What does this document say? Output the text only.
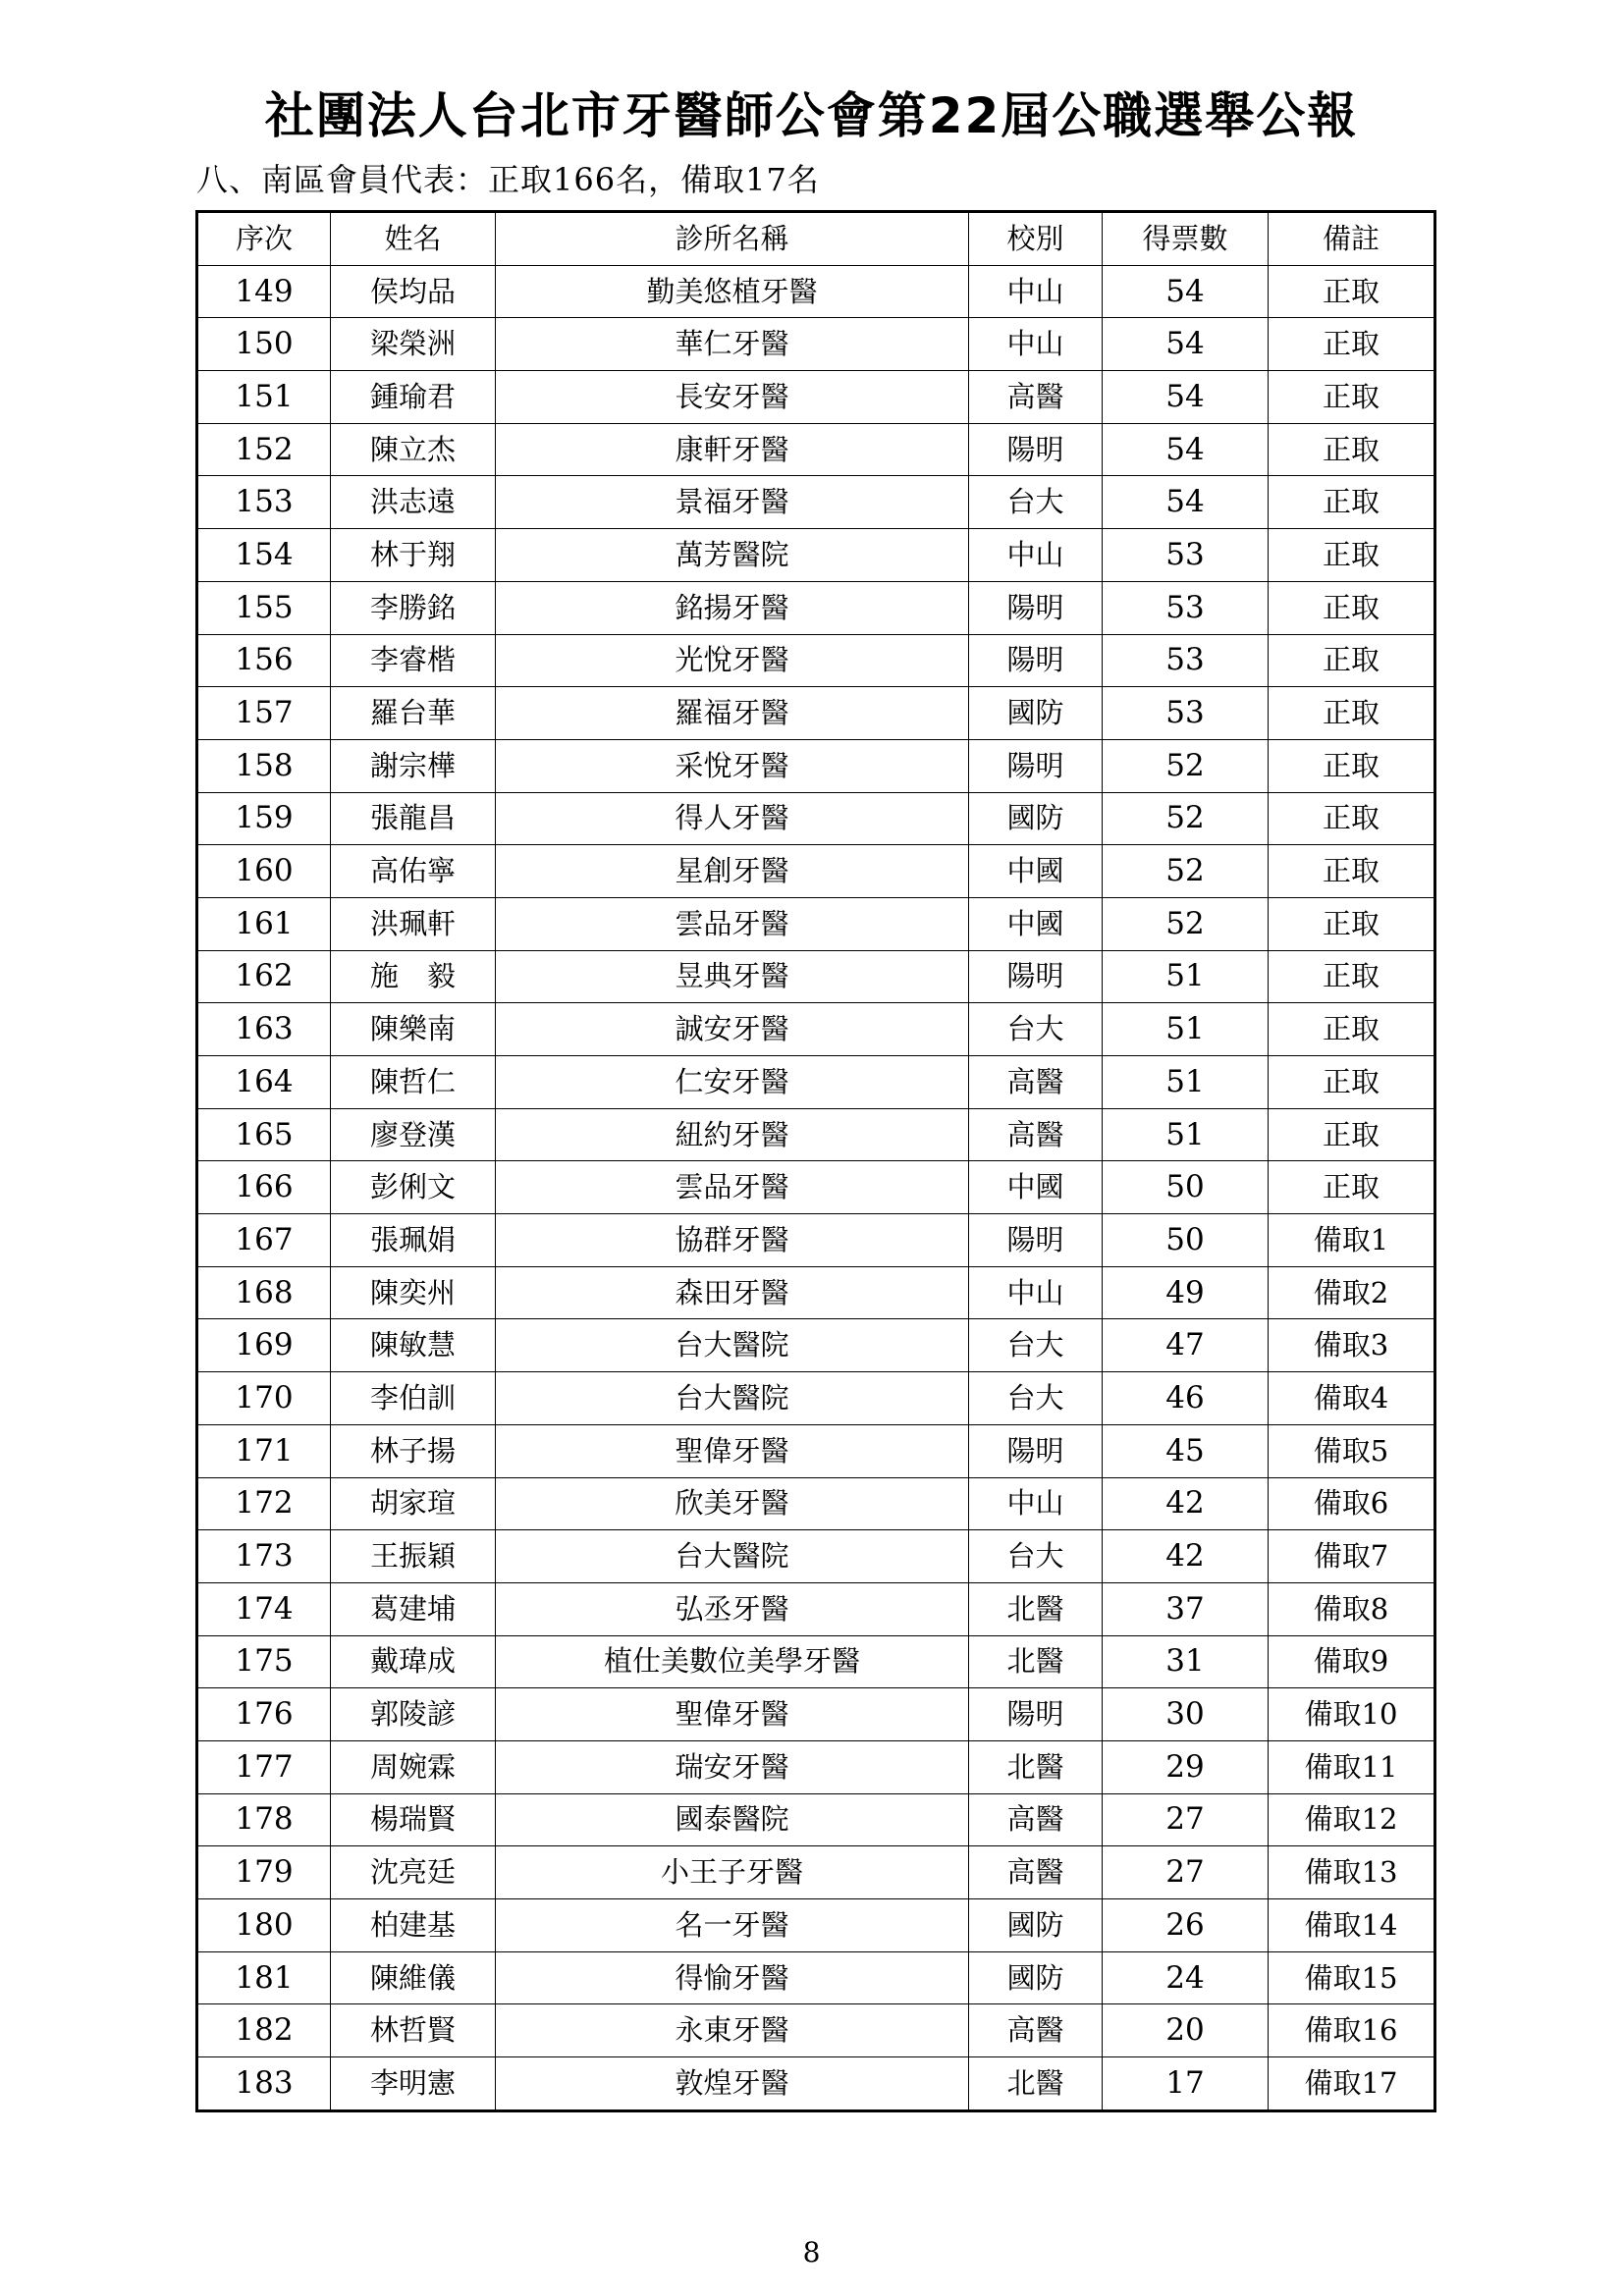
社團法人台北市牙醫師公會第22屆公職選舉公報
八、南區會員代表：正取166名，備取17名
序次	姓名	診所名稱	校別	得票數	備註
149	侯均品	勤美悠植牙醫	中山	54	正取
150	梁榮洲	華仁牙醫	中山	54	正取
151	鍾瑜君	長安牙醫	高醫	54	正取
152	陳立杰	康軒牙醫	陽明	54	正取
153	洪志遠	景福牙醫	台大	54	正取
154	林于翔	萬芳醫院	中山	53	正取
155	李勝銘	銘揚牙醫	陽明	53	正取
156	李睿楷	光悅牙醫	陽明	53	正取
157	羅台華	羅福牙醫	國防	53	正取
158	謝宗樺	采悅牙醫	陽明	52	正取
159	張龍昌	得人牙醫	國防	52	正取
160	高佑寧	星創牙醫	中國	52	正取
161	洪珮軒	雲品牙醫	中國	52	正取
162	施　毅	昱典牙醫	陽明	51	正取
163	陳樂南	誠安牙醫	台大	51	正取
164	陳哲仁	仁安牙醫	高醫	51	正取
165	廖登漢	紐約牙醫	高醫	51	正取
166	彭俐文	雲品牙醫	中國	50	正取
167	張珮娟	協群牙醫	陽明	50	備取1
168	陳奕州	森田牙醫	中山	49	備取2
169	陳敏慧	台大醫院	台大	47	備取3
170	李伯訓	台大醫院	台大	46	備取4
171	林子揚	聖偉牙醫	陽明	45	備取5
172	胡家瑄	欣美牙醫	中山	42	備取6
173	王振穎	台大醫院	台大	42	備取7
174	葛建埔	弘丞牙醫	北醫	37	備取8
175	戴瑋成	植仕美數位美學牙醫	北醫	31	備取9
176	郭陵諺	聖偉牙醫	陽明	30	備取10
177	周婉霖	瑞安牙醫	北醫	29	備取11
178	楊瑞賢	國泰醫院	高醫	27	備取12
179	沈亮廷	小王子牙醫	高醫	27	備取13
180	柏建基	名一牙醫	國防	26	備取14
181	陳維儀	得愉牙醫	國防	24	備取15
182	林哲賢	永東牙醫	高醫	20	備取16
183	李明憲	敦煌牙醫	北醫	17	備取17
8
